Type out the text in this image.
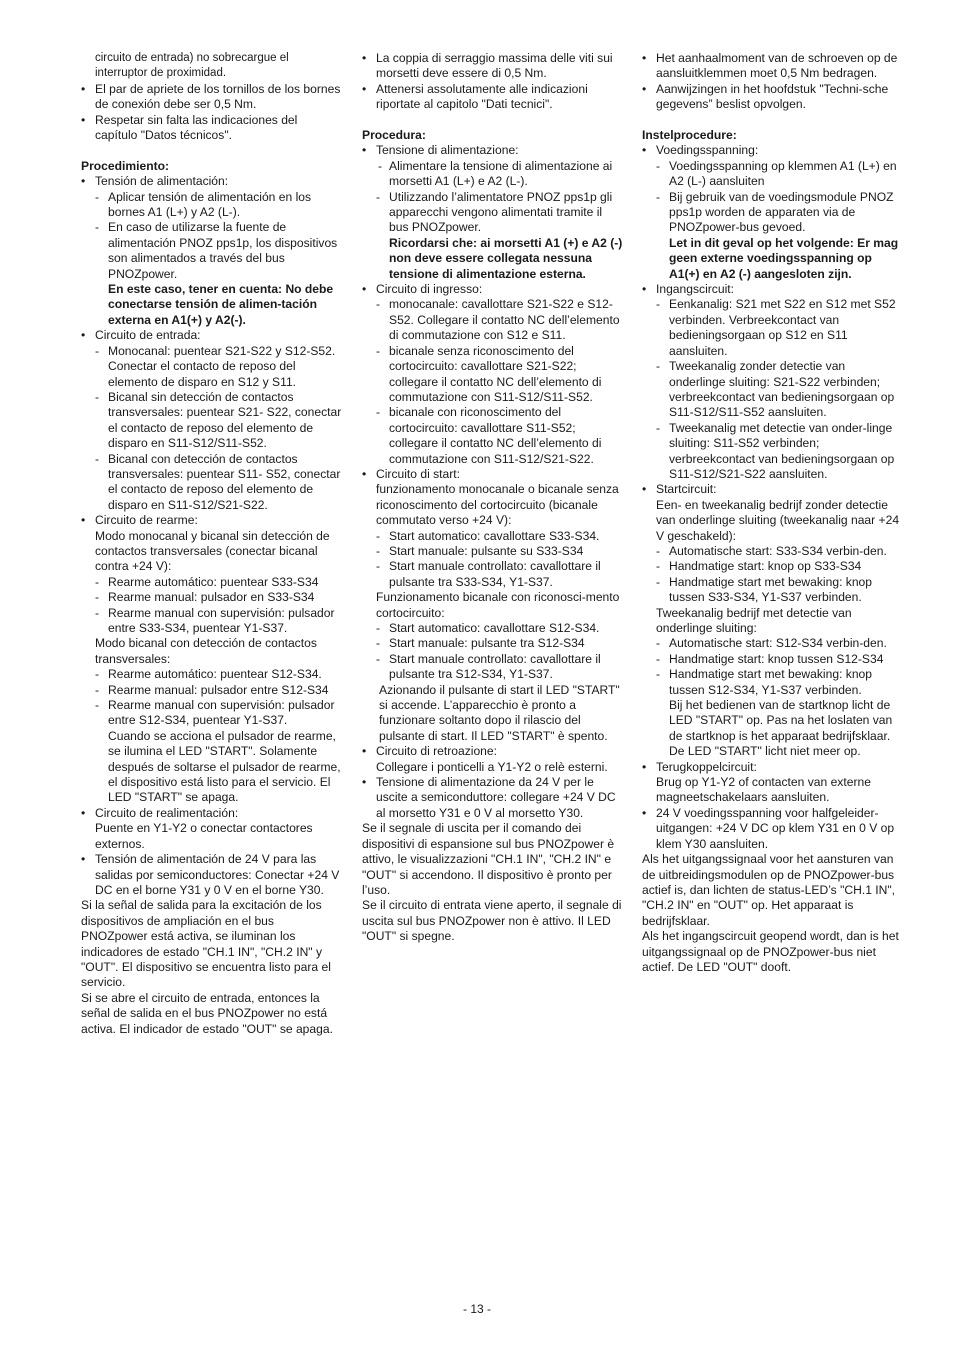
circuito de entrada) no sobrecargue el

interruptor de proximidad.

• El par de apriete de los tornillos de los bornes de conexión debe ser 0,5 Nm.

• Respetar sin falta las indicaciones del capítulo "Datos técnicos".

Procedimiento:

• Tensión de alimentación:

- Aplicar tensión de alimentación en los bornes A1 (L+) y A2 (L-).

- En caso de utilizarse la fuente de alimentación PNOZ pps1p, los dispositivos son alimentados a través del bus PNOZpower.

En este caso, tener en cuenta: No debe conectarse tensión de alimen-tación externa en A1(+) y A2(-).

• Circuito de entrada:

- Monocanal: puentear S21-S22 y S12-S52. Conectar el contacto de reposo del elemento de disparo en S12 y S11.

- Bicanal sin detección de contactos transversales: puentear S21- S22, conectar el contacto de reposo del elemento de disparo en S11-S12/S11-S52.

- Bicanal con detección de contactos transversales: puentear S11- S52, conectar el contacto de reposo del elemento de disparo en S11-S12/S21-S22.

• Circuito de rearme:

Modo monocanal y bicanal sin detección de contactos transversales (conectar bicanal contra +24 V):

- Rearme automático: puentear S33-S34

- Rearme manual: pulsador en S33-S34

- Rearme manual con supervisión: pulsador entre S33-S34, puentear Y1-S37.

Modo bicanal con detección de contactos transversales:

- Rearme automático: puentear S12-S34.

- Rearme manual: pulsador entre S12-S34

- Rearme manual con supervisión: pulsador entre S12-S34, puentear Y1-S37.

Cuando se acciona el pulsador de rearme, se ilumina el LED "START". Solamente después de soltarse el pulsador de rearme, el dispositivo está listo para el servicio. El LED "START" se apaga.

• Circuito de realimentación:

Puente en Y1-Y2 o conectar contactores externos.

• Tensión de alimentación de 24 V para las salidas por semiconductores: Conectar +24 V DC en el borne Y31 y 0 V en el borne Y30.

Si la señal de salida para la excitación de los dispositivos de ampliación en el bus PNOZpower está activa, se iluminan los indicadores de estado "CH.1 IN", "CH.2 IN" y "OUT". El dispositivo se encuentra listo para el servicio.

Si se abre el circuito de entrada, entonces la señal de salida en el bus PNOZpower no está activa. El indicador de estado "OUT" se apaga.

• La coppia di serraggio massima delle viti sui morsetti deve essere di 0,5 Nm.

• Attenersi assolutamente alle indicazioni riportate al capitolo "Dati tecnici".

Procedura:

• Tensione di alimentazione:

- Alimentare la tensione di alimentazione ai morsetti A1 (L+) e A2 (L-).

- Utilizzando l’alimentatore PNOZ pps1p gli apparecchi vengono alimentati tramite il bus PNOZpower.

Ricordarsi che: ai morsetti A1 (+) e A2 (-) non deve essere collegata nessuna tensione di alimentazione esterna.

• Circuito di ingresso:

- monocanale: cavallottare S21-S22 e S12-S52. Collegare il contatto NC dell’elemento di commutazione con S12 e S11.

- bicanale senza riconoscimento del cortocircuito: cavallottare S21-S22; collegare il contatto NC dell’elemento di commutazione con S11-S12/S11-S52.

- bicanale con riconoscimento del cortocircuito: cavallottare S11-S52; collegare il contatto NC dell’elemento di commutazione con S11-S12/S21-S22.

• Circuito di start:

funzionamento monocanale o bicanale senza riconoscimento del cortocircuito (bicanale commutato verso +24 V):

- Start automatico: cavallottare S33-S34.

- Start manuale: pulsante su S33-S34

- Start manuale controllato: cavallottare il pulsante tra S33-S34, Y1-S37.

Funzionamento bicanale con riconosci-mento cortocircuito:

- Start automatico: cavallottare S12-S34.

- Start manuale: pulsante tra S12-S34

- Start manuale controllato: cavallottare il pulsante tra S12-S34, Y1-S37.

Azionando il pulsante di start il LED "START" si accende. L’apparecchio è pronto a funzionare soltanto dopo il rilascio del pulsante di start. Il LED "START" è spento.

• Circuito di retroazione:

Collegare i ponticelli a Y1-Y2 o relè esterni.

• Tensione di alimentazione da 24 V per le uscite a semiconduttore: collegare +24 V DC al morsetto Y31 e 0 V al morsetto Y30.

Se il segnale di uscita per il comando dei dispositivi di espansione sul bus PNOZpower è attivo, le visualizzazioni "CH.1 IN", "CH.2 IN" e "OUT" si accendono. Il dispositivo è pronto per l’uso.

Se il circuito di entrata viene aperto, il segnale di uscita sul bus PNOZpower non è attivo. Il LED "OUT" si spegne.

• Het aanhaalmoment van de schroeven op de aansluitklemmen moet 0,5 Nm bedragen.

• Aanwijzingen in het hoofdstuk "Techni-sche gegevens” beslist opvolgen.

Instelprocedure:

• Voedingsspanning:

- Voedingsspanning op klemmen A1 (L+) en A2 (L-) aansluiten

- Bij gebruik van de voedingsmodule PNOZ pps1p worden de apparaten via de PNOZpower-bus gevoed.

Let in dit geval op het volgende: Er mag geen externe voedingsspanning op A1(+) en A2 (-) aangesloten zijn.

• Ingangscircuit:

- Eenkanalig: S21 met S22 en S12 met S52 verbinden. Verbreekcontact van bedieningsorgaan op S12 en S11 aansluiten.

- Tweekanalig zonder detectie van onderlinge sluiting: S21-S22 verbinden; verbreekcontact van bedieningsorgaan op S11-S12/S11-S52 aansluiten.

- Tweekanalig met detectie van onder-linge sluiting: S11-S52 verbinden; verbreekcontact van bedieningsorgaan op S11-S12/S21-S22 aansluiten.

• Startcircuit:

Een- en tweekanalig bedrijf zonder detectie van onderlinge sluiting (tweekanalig naar +24 V geschakeld):

- Automatische start: S33-S34 verbin-den.

- Handmatige start: knop op S33-S34

- Handmatige start met bewaking: knop tussen S33-S34, Y1-S37 verbinden.

Tweekanalig bedrijf met detectie van onderlinge sluiting:

- Automatische start: S12-S34 verbin-den.

- Handmatige start: knop tussen S12-S34

- Handmatige start met bewaking: knop tussen S12-S34, Y1-S37 verbinden.

Bij het bedienen van de startknop licht de LED "START" op. Pas na het loslaten van de startknop is het apparaat bedrijfsklaar. De LED "START" licht niet meer op.

• Terugkoppelcircuit:

Brug op Y1-Y2 of contacten van externe magneetschakelaars aansluiten.

• 24 V voedingsspanning voor halfgeleider-uitgangen: +24 V DC op klem Y31 en 0 V op klem Y30 aansluiten.

Als het uitgangssignaal voor het aansturen van de uitbreidingsmodulen op de PNOZpower-bus actief is, dan lichten de status-LED’s "CH.1 IN", "CH.2 IN" en "OUT" op. Het apparaat is bedrijfsklaar.

Als het ingangscircuit geopend wordt, dan is het uitgangssignaal op de PNOZpower-bus niet actief. De LED "OUT" dooft.

- 13 -
